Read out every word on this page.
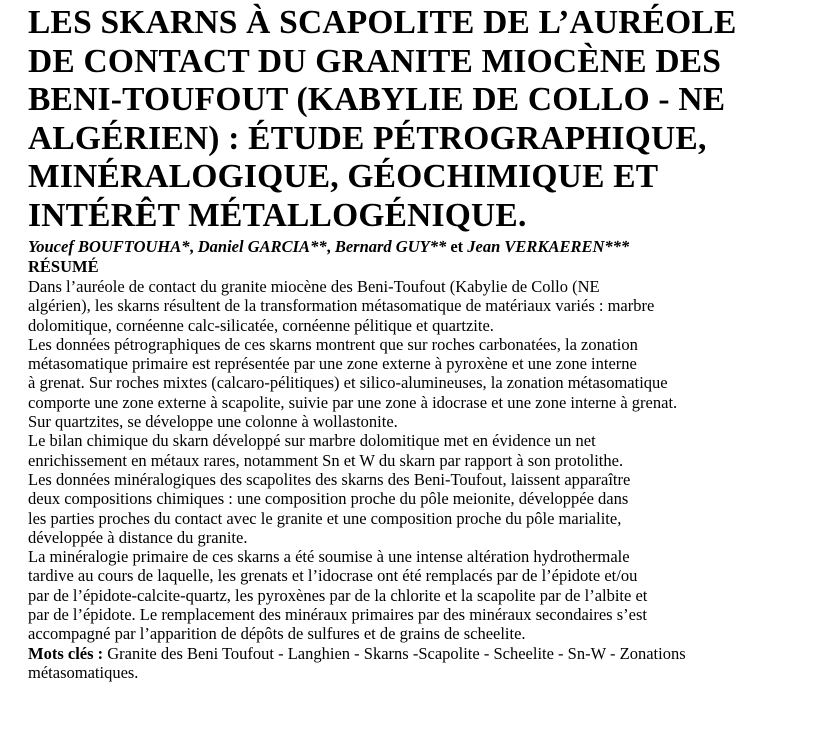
LES SKARNS À SCAPOLITE DE L’AURÉOLE
DE CONTACT DU GRANITE MIOCÈNE DES
BENI-TOUFOUT (KABYLIE DE COLLO - NE
ALGÉRIEN) : ÉTUDE PÉTROGRAPHIQUE,
MINÉRALOGIQUE, GÉOCHIMIQUE ET
INTÉRÊT MÉTALLOGÉNIQUE.

Youcef BOUFTOUHA*, Daniel GARCIA**, Bernard GUY** et Jean VERKAEREN***

RÉSUMÉ

Dans l’auréole de contact du granite miocène des Beni-Toufout (Kabylie de Collo (NE
algérien), les skarns résultent de la transformation métasomatique de matériaux variés : marbre
dolomitique, cornéenne calc-silicatée, cornéenne pélitique et quartzite.
Les données pétrographiques de ces skarns montrent que sur roches carbonatées, la zonation
métasomatique primaire est représentée par une zone externe à pyroxène et une zone interne
à grenat. Sur roches mixtes (calcaro-pélitiques) et silico-alumineuses, la zonation métasomatique
comporte une zone externe à scapolite, suivie par une zone à idocrase et une zone interne à grenat.
Sur quartzites, se développe une colonne à wollastonite.
Le bilan chimique du skarn développé sur marbre dolomitique met en évidence un net
enrichissement en métaux rares, notamment Sn et W du skarn par rapport à son protolithe.
Les données minéralogiques des scapolites des skarns des Beni-Toufout, laissent apparaître
deux compositions chimiques : une composition proche du pôle meionite, développée dans
les parties proches du contact avec le granite et une composition proche du pôle marialite,
développée à distance du granite.
La minéralogie primaire de ces skarns a été soumise à une intense altération hydrothermale
tardive au cours de laquelle, les grenats et l’idocrase ont été remplacés par de l’épidote et/ou
par de l’épidote-calcite-quartz, les pyroxènes par de la chlorite et la scapolite par de l’albite et
par de l’épidote. Le remplacement des minéraux primaires par des minéraux secondaires s’est
accompagné par l’apparition de dépôts de sulfures et de grains de scheelite.

Mots clés : Granite des Beni Toufout - Langhien - Skarns -Scapolite - Scheelite - Sn-W - Zonations
métasomatiques.
